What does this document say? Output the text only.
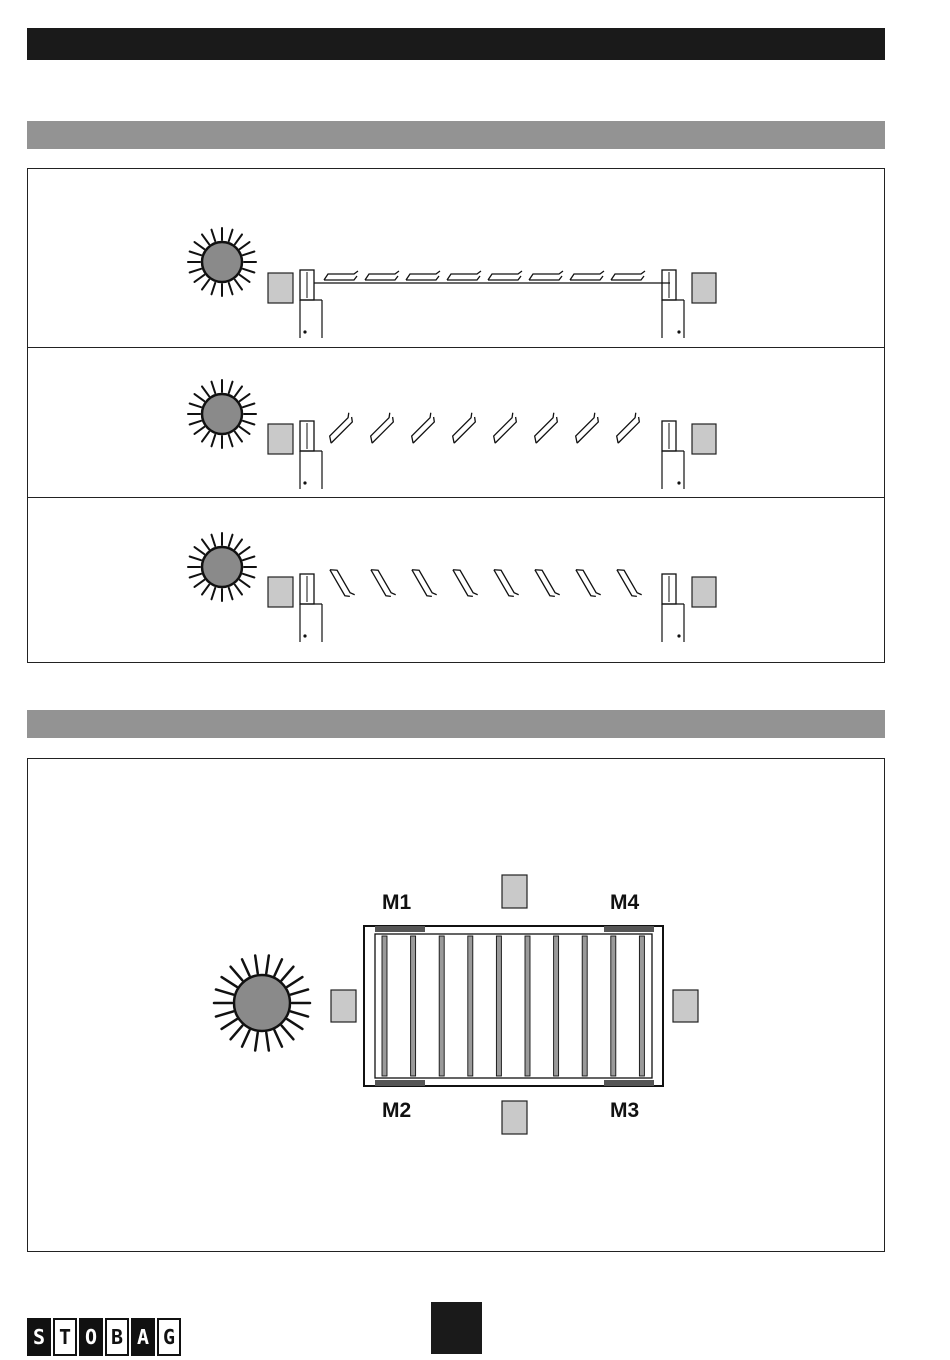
M1
M2	M3
M4
S T O B A G
